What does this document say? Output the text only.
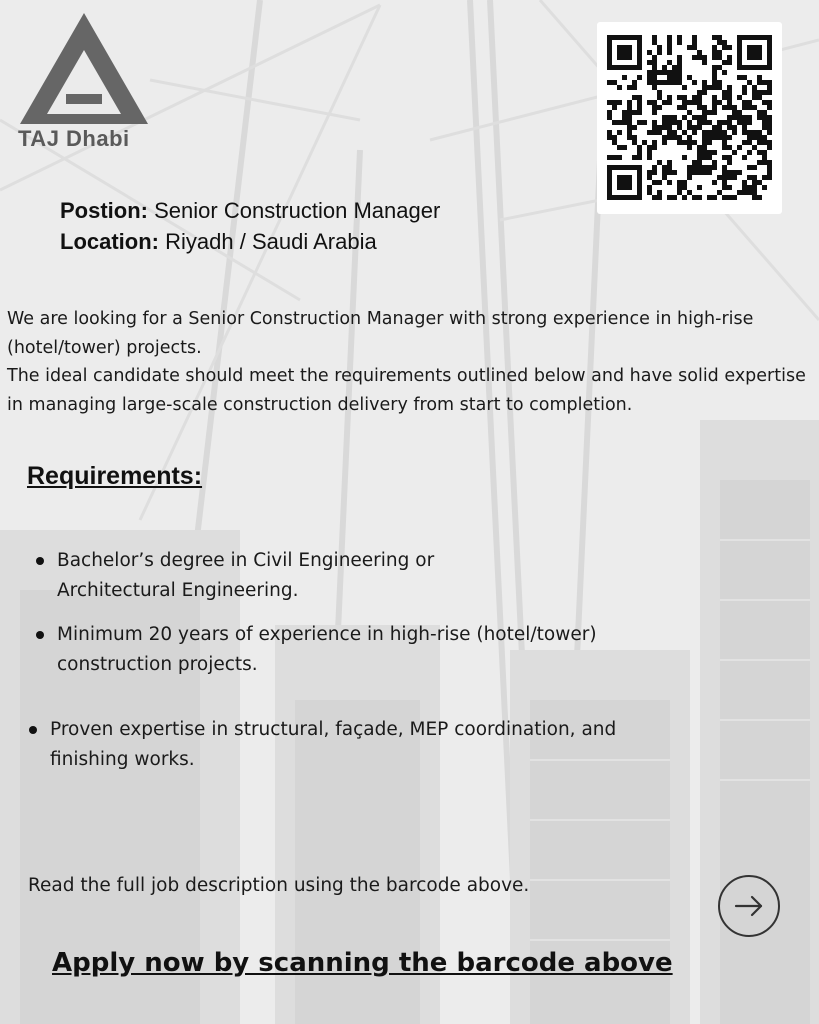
TAJ Dhabi
Postion: Senior Construction Manager
Location: Riyadh / Saudi Arabia
We are looking for a Senior Construction Manager with strong experience in high-rise (hotel/tower) projects.
The ideal candidate should meet the requirements outlined below and have solid expertise in managing large-scale construction delivery from start to completion.
Requirements:
Bachelor’s degree in Civil Engineering or Architectural Engineering.
Minimum 20 years of experience in high-rise (hotel/tower) construction projects.
Proven expertise in structural, façade, MEP coordination, and finishing works.
Read the full job description using the barcode above.
Apply now by scanning the barcode above
